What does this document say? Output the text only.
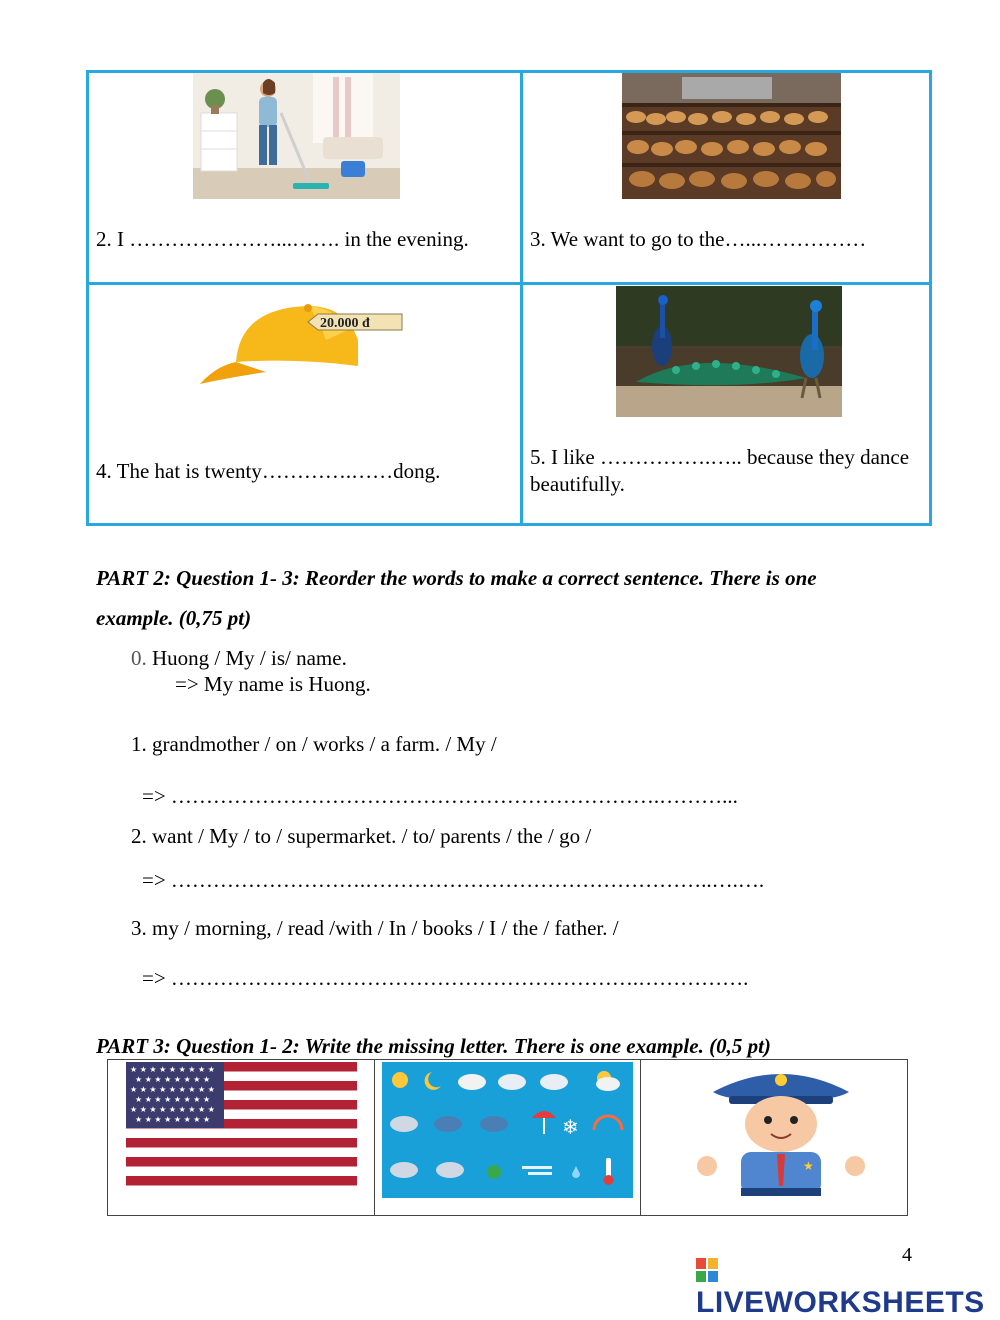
2. I …………………...……. in the evening.	3. We want to go to the…...……………
20.000 đ
4. The hat is twenty………….……dong.
5. I like …………….….. because they dance
beautifully.
PART 2: Question 1- 3: Reorder the words to make a correct sentence. There is one
example. (0,75 pt)
0. Huong / My / is/ name.
=> My name is Huong.
1. grandmother / on / works / a farm. / My /
=> …………………………………………………………….………...
2. want / My / to / supermarket. / to/ parents / the / go /
=> ……………………….…………………………………………..….….
3. my / morning, / read /with / In / books / I / the / father. /
=> ………………………………………………………….…………….
PART 3: Question 1- 2: Write the missing letter. There is one example. (0,5 pt)
★ ★ ★ ★ ★ ★ ★ ★ ★
★ ★ ★ ★ ★ ★ ★ ★
★ ★ ★ ★ ★ ★ ★ ★ ★
★ ★ ★ ★ ★ ★ ★ ★
★ ★ ★ ★ ★ ★ ★ ★ ★
★ ★ ★ ★ ★ ★ ★ ★	❄
★
4
LIVEWORKSHEETS
